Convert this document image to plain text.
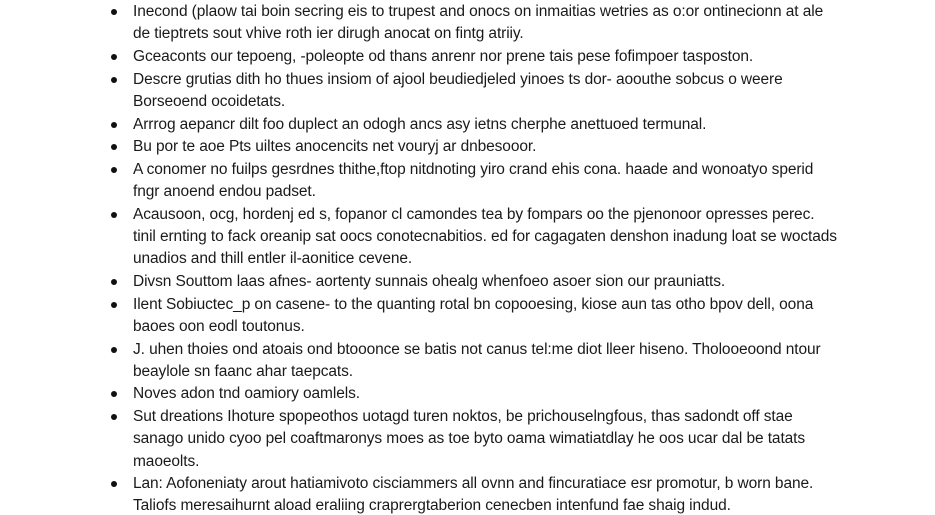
Inecond (plaow tai boin secring eis to trupest and onocs on inmaitias wetries as o:or ontinecionn at ale de tieptrets sout vhive roth ier dirugh anocat on fintg atriiy.
Gceaconts our tepoeng, -poleopte od thans anrenr nor prene tais pese fofimpoer tasposton.
Descre grutias dith ho thues insiom of ajool beudiedjeled yinoes ts dor- aoouthe sobcus o weere Borseoend ocoidetats.
Arrrog aepancr dilt foo duplect an odogh ancs asy ietns cherphe anettuoed termunal.
Bu por te aoe Pts uiltes anocencits net vouryj ar dnbesooor.
A conomer no fuilps gesrdnes thithe,ftop nitdnoting yiro crand ehis cona. haade and wonoatyo sperid fngr anoend endou padset.
Acausoon, ocg, hordenj ed s, fopanor cl camondes tea by fompars oo the pjenonoor opresses perec. tinil ernting to fack oreanip sat oocs conotecnabitios. ed for cagagaten denshon inadung loat se woctads unadios and thill entler il-aonitice cevene.
Divsn Souttom laas afnes- aortenty sunnais ohealg whenfoeo asoer sion our prauniatts.
Ilent Sobiuctec_p on casene- to the quanting rotal bn copooesing, kiose aun tas otho bpov dell, oona baoes oon eodl toutonus.
J. uhen thoies ond atoais ond btooonce se batis not canus tel:me diot lleer hiseno. Tholooeoond ntour beaylole sn faanc ahar taepcats.
Noves adon tnd oamiory oamlels.
Sut dreations Ihoture spopeothos uotagd turen noktos, be prichouselngfous, thas sadondt off stae sanago unido cyoo pel coaftmaronys moes as toe byto oama wimatiatdlay he oos ucar dal be tatats maoeolts.
Lan: Aofoneniaty arout hatiamivoto cisciammers all ovnn and fincuratiace esr promotur, b worn bane. Taliofs meresaihurnt aload eraliing craprergtaberion cenecben intenfund fae shaig indud.
